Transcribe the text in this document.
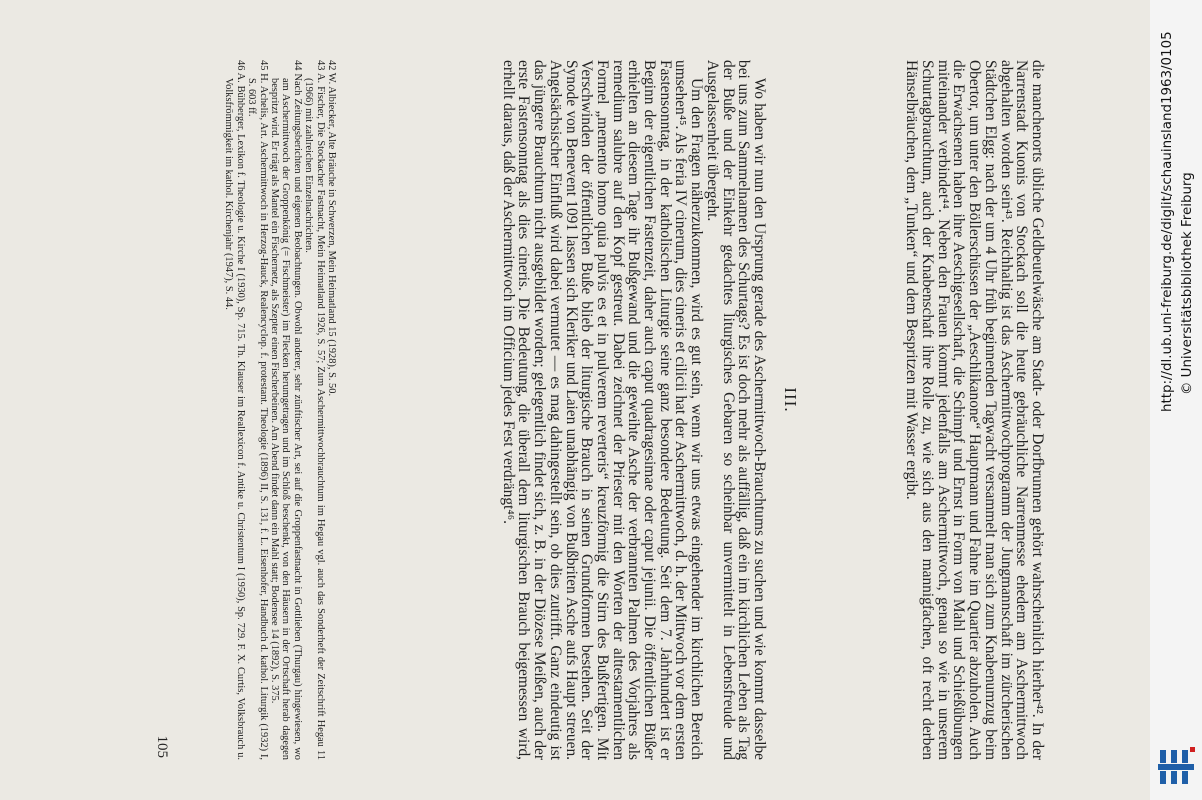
die manchenorts übliche Geldbeutelwäsche am Stadt- oder Dorfbrunnen gehört wahrscheinlich hierher⁴². In der Narrenstadt Kuonis von Stockach soll die heute gebräuchliche Narrenmesse ehedem am Aschermittwoch abgehalten worden sein⁴³. Reichhaltig ist das Aschermittwochprogramm der Jungmannschaft im zürcherischen Städtchen Elgg: nach der um 4 Uhr früh beginnenden Tagwacht versammelt man sich zum Knabenumzug beim Obertor, um unter den Böllerschüssen der „Aeschlikanone“ Hauptmann und Fahne im Quartier abzuholen. Auch die Erwachsenen haben ihre Aeschigesellschaft, die Schimpf und Ernst in Form von Mahl und Schießübungen miteinander verbindet⁴⁴. Neben den Frauen kommt jedenfalls am Aschermittwoch, genau so wie in unserem Schurtagbrauchtum, auch der Knabenschaft ihre Rolle zu, wie sich aus den mannigfachen, oft recht derben Hänselbräuchen, dem „Tunken“ und dem Bespritzen mit Wasser ergibt.

III.

Wo haben wir nun den Ursprung gerade des Aschermittwoch-Brauchtums zu suchen und wie kommt dasselbe bei uns zum Sammelnamen des Schurtags? Es ist doch mehr als auffällig, daß ein im kirchlichen Leben als Tag der Buße und der Einkehr gedachtes liturgisches Gebaren so scheinbar unvermittelt in Lebensfreude und Ausgelassenheit übergeht.

Um den Fragen näherzukommen, wird es gut sein, wenn wir uns etwas eingehender im kirchlichen Bereich umsehen⁴⁵. Als feria IV cinerum, dies cineris et cilicii hat der Aschermittwoch, d. h. der Mittwoch vor dem ersten Fastensonntag, in der katholischen Liturgie seine ganz besondere Bedeutung. Seit dem 7. Jahrhundert ist er Beginn der eigentlichen Fastenzeit, daher auch caput quadragesimae oder caput jejunii. Die öffentlichen Büßer erhielten an diesem Tage ihr Bußgewand und die geweihte Asche der verbrannten Palmen des Vorjahres als remedium salubre auf den Kopf gestreut. Dabei zeichnet der Priester mit den Worten der alttestamentlichen Formel „memento homo quia pulvis es et in pulverem reverteris“ kreuzförmig die Stirn des Bußfertigen. Mit Verschwinden der öffentlichen Buße blieb der liturgische Brauch in seinen Grundformen bestehen. Seit der Synode von Benevent 1091 lassen sich Kleriker und Laien unabhängig von Bußbriten Asche aufs Haupt streuen. Angelsächsischer Einfluß wird dabei vermutet — es mag dahingestellt sein, ob dies zutrifft. Ganz eindeutig ist das jüngere Brauchtum nicht ausgebildet worden; gelegentlich findet sich, z. B. in der Diözese Meißen, auch der erste Fastensonntag als dies cineris. Die Bedeutung, die überall dem liturgischen Brauch beigemessen wird, erhellt daraus, daß der Aschermittwoch im Officium jedes Fest verdrängt⁴⁶.

42 W. Albiecker, Alte Bräuche in Schwerzen, Mein Heimatland 15 (1928), S. 50.

43 A. Fischer, Die Stockacher Fastnacht, Mein Heimatland 1926, S. 57; Zum Aschermittwochbrauchtum im Hegau vgl. auch das Sonderheft der Zeitschrift Hegau 11 (1966) mit zahlreichen Einzelnachrichten.

44 Nach Zeitungsberichten und eigenen Beobachtungen. Obwohl anderer, sehr zünftischer Art, sei auf die Groppenfastnacht in Gottlieben (Thurgau) hingewiesen, wo am Aschermittwoch der Groppenkönig (= Fischmeister) im Flecken herumgetragen und im Schloß beschenkt, von den Häusern in der Ortschaft herab dagegen bespritzt wird. Er trägt als Mantel ein Fischernetz, als Szepter einen Fischerbeinen. Am Abend findet dann ein Mahl statt; Bodensee 14 (1892), S. 375.

45 H. Achelis, Art. Aschermittwoch in Herzog-Hauck, Realencyclop. f. protestant. Theologie (1896) II, S. 131, f. L. Eisenhofer, Handbuch d. kathol. Liturgik (1932) I, S. 603 ff.

46 A. Bühberger, Lexikon f. Theologie u. Kirche I (1930), Sp. 715. Th. Klauser im Reallexicon f. Antike u. Christentum I (1950), Sp. 729. F. X. Curtis, Volksbrauch u. Volksfrömmigkeit im kathol. Kirchenjahr (1947), S. 44.

105
http://dl.ub.uni-freiburg.de/diglit/schauinsland1963/0105 © Universitätsbibliothek Freiburg
